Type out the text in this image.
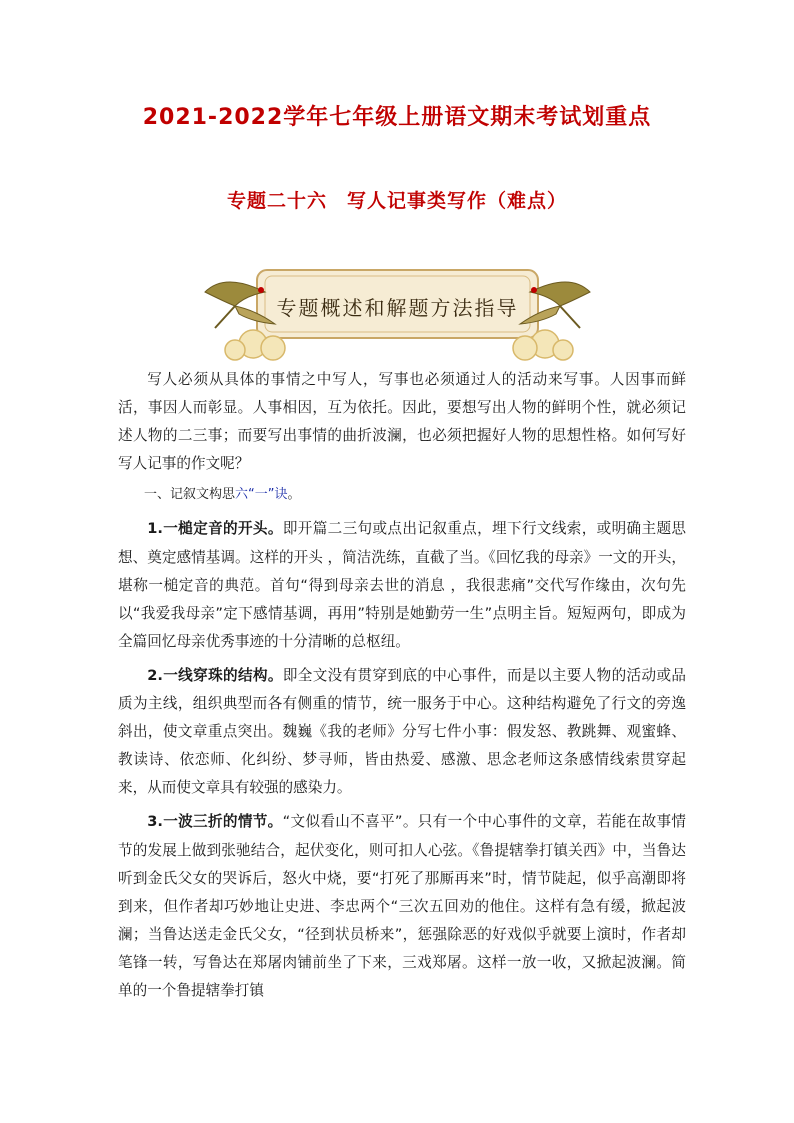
2021-2022学年七年级上册语文期末考试划重点
专题二十六　写人记事类写作（难点）
专题概述和解题方法指导

写人必须从具体的事情之中写人，写事也必须通过人的活动来写事。人因事而鲜活，事因人而彰显。人事相因，互为依托。因此，要想写出人物的鲜明个性，就必须记述人物的二三事；而要写出事情的曲折波澜，也必须把握好人物的思想性格。如何写好写人记事的作文呢？

一、记叙文构思六“一”诀。

1.一槌定音的开头。即开篇二三句或点出记叙重点，埋下行文线索，或明确主题思想、奠定感情基调。这样的开头 ，简洁洗练，直截了当。《回忆我的母亲》一文的开头，堪称一槌定音的典范。首句“得到母亲去世的消息 ，我很悲痛”交代写作缘由，次句先以“我爱我母亲”定下感情基调，再用”特别是她勤劳一生”点明主旨。短短两句，即成为全篇回忆母亲优秀事迹的十分清晰的总枢纽。

2.一线穿珠的结构。即全文没有贯穿到底的中心事件，而是以主要人物的活动或品质为主线，组织典型而各有侧重的情节，统一服务于中心。这种结构避免了行文的旁逸斜出，使文章重点突出。魏巍《我的老师》分写七件小事：假发怒、教跳舞、观蜜蜂、教读诗、依恋师、化纠纷、梦寻师，皆由热爱、感激、思念老师这条感情线索贯穿起来，从而使文章具有较强的感染力。

3.一波三折的情节。“文似看山不喜平”。只有一个中心事件的文章，若能在故事情节的发展上做到张驰结合，起伏变化，则可扣人心弦。《鲁提辖拳打镇关西》中，当鲁达听到金氏父女的哭诉后，怒火中烧，要“打死了那厮再来”时，情节陡起，似乎高潮即将到来，但作者却巧妙地让史进、李忠两个“三次五回劝的他住。这样有急有缓，掀起波澜；当鲁达送走金氏父女，“径到状员桥来”，惩强除恶的好戏似乎就要上演时，作者却笔锋一转，写鲁达在郑屠肉铺前坐了下来，三戏郑屠。这样一放一收，又掀起波澜。简单的一个鲁提辖拳打镇
